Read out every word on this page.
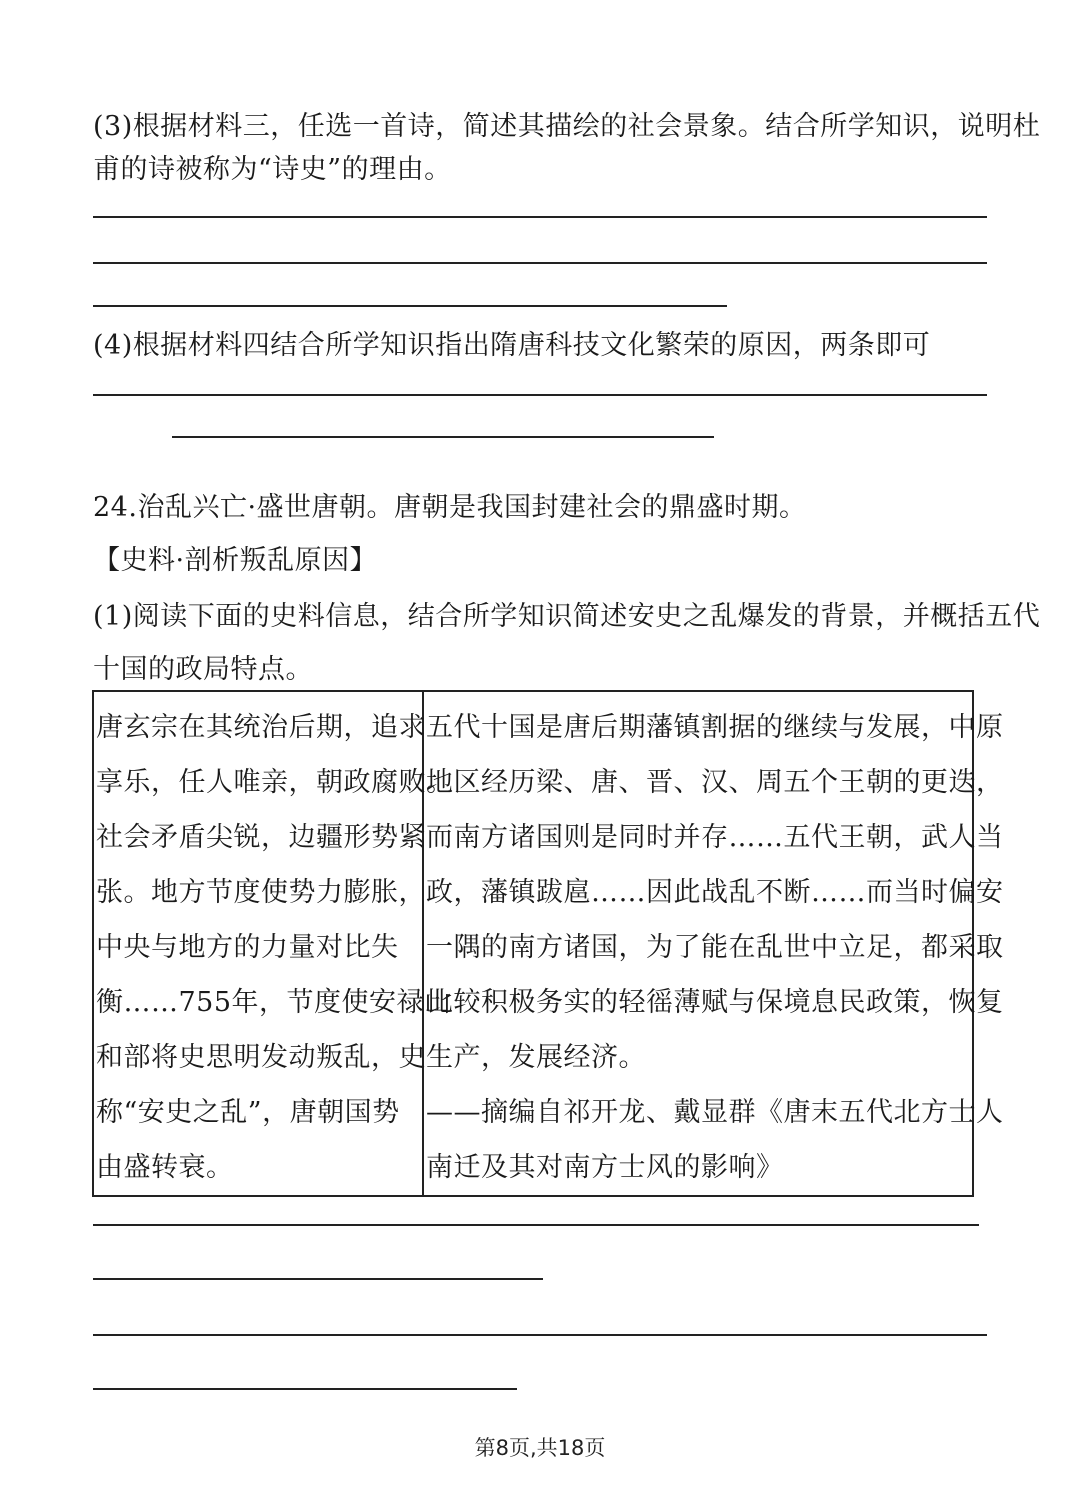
(3)根据材料三，任选一首诗，简述其描绘的社会景象。结合所学知识，说明杜
甫的诗被称为“诗史”的理由。
(4)根据材料四结合所学知识指出隋唐科技文化繁荣的原因，两条即可
24.治乱兴亡·盛世唐朝。唐朝是我国封建社会的鼎盛时期。
【史料·剖析叛乱原因】
(1)阅读下面的史料信息，结合所学知识简述安史之乱爆发的背景，并概括五代
十国的政局特点。
唐玄宗在其统治后期，追求
享乐，任人唯亲，朝政腐败。
社会矛盾尖锐，边疆形势紧
张。地方节度使势力膨胀，
中央与地方的力量对比失
衡……755年，节度使安禄山
和部将史思明发动叛乱，史
称“安史之乱”，唐朝国势
由盛转衰。

五代十国是唐后期藩镇割据的继续与发展，中原
地区经历梁、唐、晋、汉、周五个王朝的更迭，
而南方诸国则是同时并存……五代王朝，武人当
政，藩镇跋扈……因此战乱不断……而当时偏安
一隅的南方诸国，为了能在乱世中立足，都采取
比较积极务实的轻徭薄赋与保境息民政策，恢复
生产，发展经济。
——摘编自祁开龙、戴显群《唐末五代北方士人
南迁及其对南方士风的影响》
第8页,共18页
